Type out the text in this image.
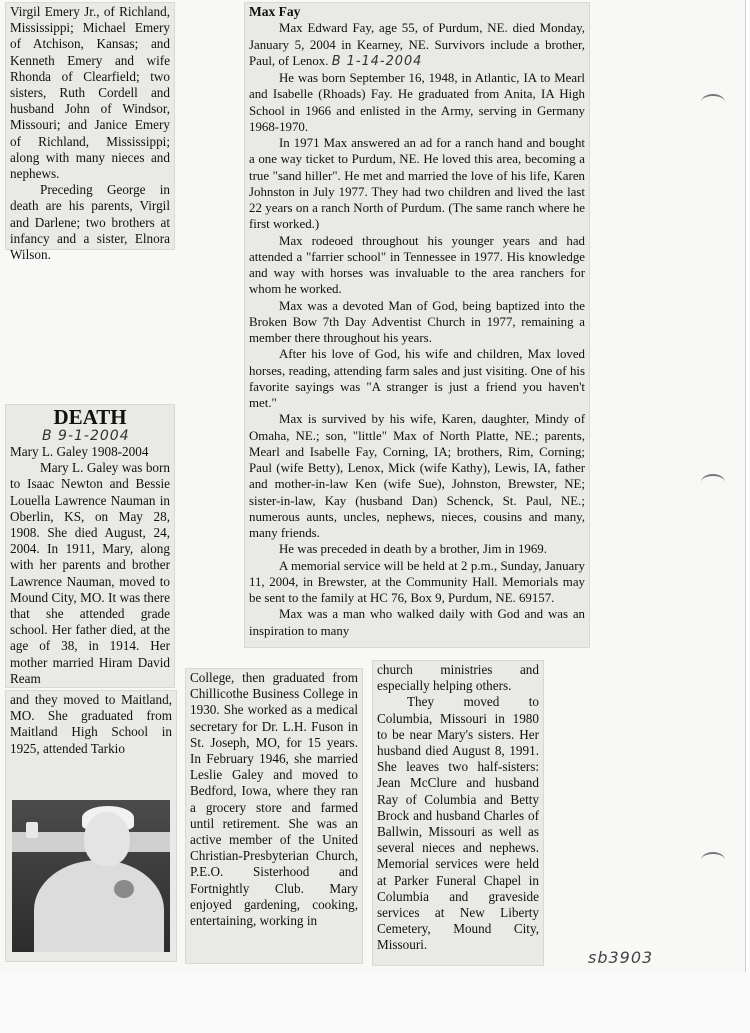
Virgil Emery Jr., of Richland, Mississippi; Michael Emery of Atchison, Kansas; and Kenneth Emery and wife Rhonda of Clearfield; two sisters, Ruth Cordell and husband John of Windsor, Missouri; and Janice Emery of Richland, Mississippi; along with many nieces and nephews.

Preceding George in death are his parents, Virgil and Darlene; two brothers at infancy and a sister, Elnora Wilson.

Max Fay

Max Edward Fay, age 55, of Purdum, NE. died Monday, January 5, 2004 in Kearney, NE. Survivors include a brother, Paul, of Lenox. B 1-14-2004

He was born September 16, 1948, in Atlantic, IA to Mearl and Isabelle (Rhoads) Fay. He graduated from Anita, IA High School in 1966 and enlisted in the Army, serving in Germany 1968-1970.

In 1971 Max answered an ad for a ranch hand and bought a one way ticket to Purdum, NE. He loved this area, becoming a true "sand hiller". He met and married the love of his life, Karen Johnston in July 1977. They had two children and lived the last 22 years on a ranch North of Purdum. (The same ranch where he first worked.)

Max rodeoed throughout his younger years and had attended a "farrier school" in Tennessee in 1977. His knowledge and way with horses was invaluable to the area ranchers for whom he worked.

Max was a devoted Man of God, being baptized into the Broken Bow 7th Day Adventist Church in 1977, remaining a member there throughout his years.

After his love of God, his wife and children, Max loved horses, reading, attending farm sales and just visiting. One of his favorite sayings was "A stranger is just a friend you haven't met."

Max is survived by his wife, Karen, daughter, Mindy of Omaha, NE.; son, "little" Max of North Platte, NE.; parents, Mearl and Isabelle Fay, Corning, IA; brothers, Rim, Corning; Paul (wife Betty), Lenox, Mick (wife Kathy), Lewis, IA, father and mother-in-law Ken (wife Sue), Johnston, Brewster, NE; sister-in-law, Kay (husband Dan) Schenck, St. Paul, NE.; numerous aunts, uncles, nephews, nieces, cousins and many, many friends.

He was preceded in death by a brother, Jim in 1969.

A memorial service will be held at 2 p.m., Sunday, January 11, 2004, in Brewster, at the Community Hall. Memorials may be sent to the family at HC 76, Box 9, Purdum, NE. 69157.

Max was a man who walked daily with God and was an inspiration to many

DEATH
B 9-1-2004

Mary L. Galey 1908-2004

Mary L. Galey was born to Isaac Newton and Bessie Louella Lawrence Nauman in Oberlin, KS, on May 28, 1908. She died August, 24, 2004. In 1911, Mary, along with her parents and brother Lawrence Nauman, moved to Mound City, MO. It was there that she attended grade school. Her father died, at the age of 38, in 1914. Her mother married Hiram David Ream

and they moved to Maitland, MO. She graduated from Maitland High School in 1925, attended Tarkio

College, then graduated from Chillicothe Business College in 1930. She worked as a medical secretary for Dr. L.H. Fuson in St. Joseph, MO, for 15 years. In February 1946, she married Leslie Galey and moved to Bedford, Iowa, where they ran a grocery store and farmed until retirement. She was an active member of the United Christian-Presbyterian Church, P.E.O. Sisterhood and Fortnightly Club. Mary enjoyed gardening, cooking, entertaining, working in

church ministries and especially helping others.

They moved to Columbia, Missouri in 1980 to be near Mary's sisters. Her husband died August 8, 1991. She leaves two half-sisters: Jean McClure and husband Ray of Columbia and Betty Brock and husband Charles of Ballwin, Missouri as well as several nieces and nephews. Memorial services were held at Parker Funeral Chapel in Columbia and graveside services at New Liberty Cemetery, Mound City, Missouri.

sb3903
